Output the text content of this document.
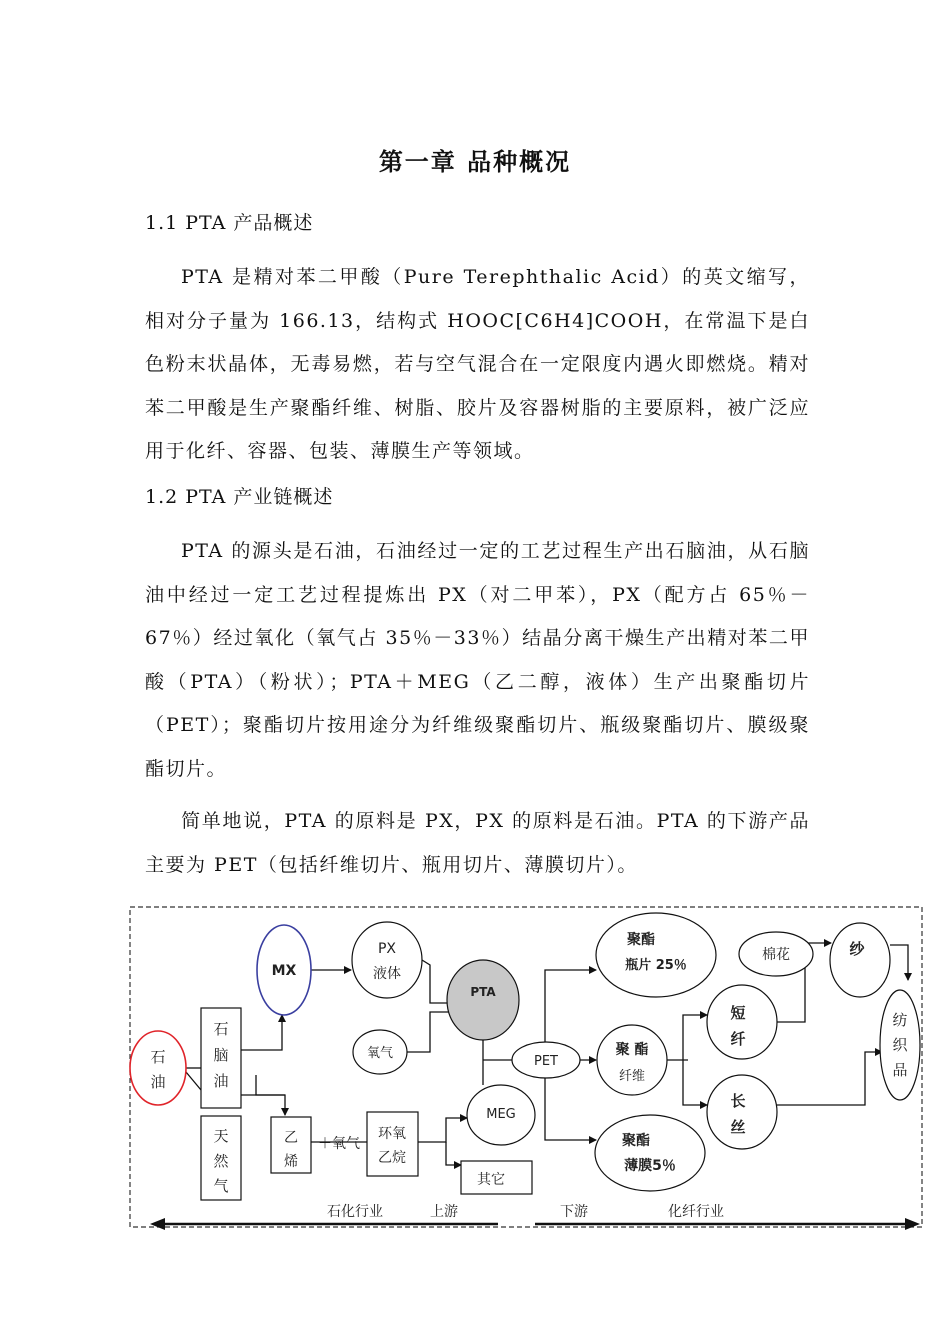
第一章 品种概况
1.1 PTA 产品概述

PTA 是精对苯二甲酸（Pure Terephthalic Acid）的英文缩写，相对分子量为 166.13，结构式 HOOC[C6H4]COOH，在常温下是白色粉末状晶体，无毒易燃，若与空气混合在一定限度内遇火即燃烧。精对苯二甲酸是生产聚酯纤维、树脂、胶片及容器树脂的主要原料，被广泛应用于化纤、容器、包装、薄膜生产等领域。

1.2 PTA 产业链概述

PTA 的源头是石油，石油经过一定的工艺过程生产出石脑油，从石脑油中经过一定工艺过程提炼出 PX（对二甲苯），PX（配方占 65％－67％）经过氧化（氧气占 35％－33％）结晶分离干燥生产出精对苯二甲酸（PTA）（粉状）；PTA＋MEG（乙二醇，液体）生产出聚酯切片（PET）；聚酯切片按用途分为纤维级聚酯切片、瓶级聚酯切片、膜级聚酯切片。

简单地说，PTA 的原料是 PX，PX 的原料是石油。PTA 的下游产品主要为 PET（包括纤维切片、瓶用切片、薄膜切片）。

石
油
石
脑
油
天
然
气
MX
PX
液体
氧气
PTA
乙
烯
＋氧气
环氧
乙烷
MEG
其它
PET
聚酯
瓶片 25％
聚 酯
纤维
聚酯
薄膜5％
棉花
短
纤
长
丝
纱
纺
织
品
石化行业	上游	下游	化纤行业
